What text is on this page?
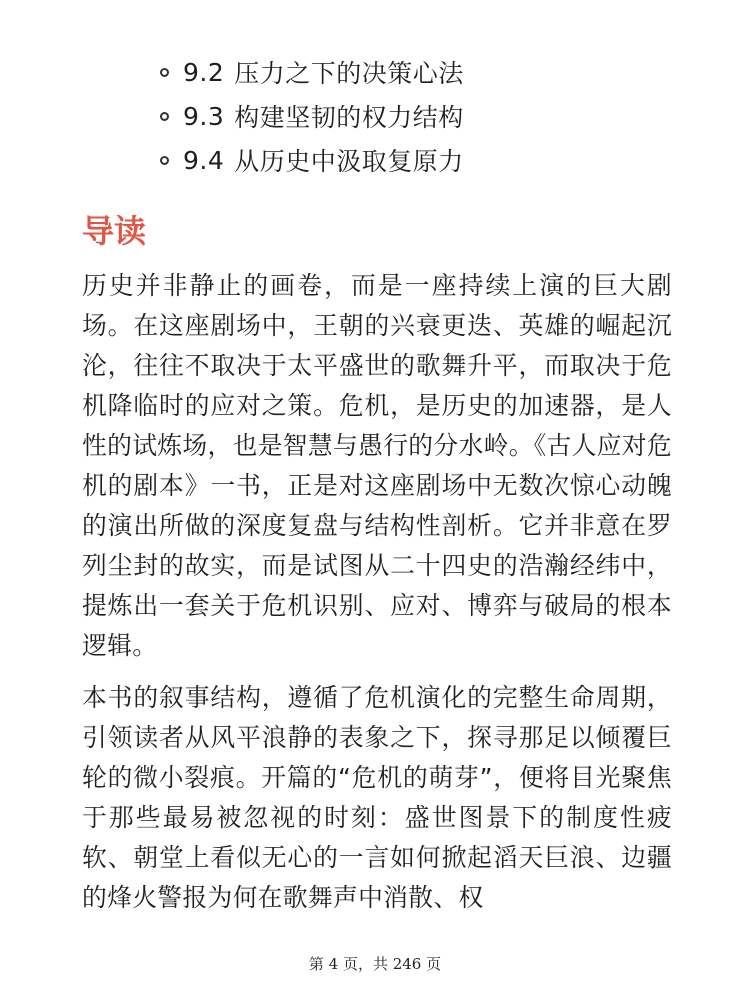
9.2 压力之下的决策心法
9.3 构建坚韧的权力结构
9.4 从历史中汲取复原力
导读

历史并非静止的画卷，而是一座持续上演的巨大剧场。在这座剧场中，王朝的兴衰更迭、英雄的崛起沉沦，往往不取决于太平盛世的歌舞升平，而取决于危机降临时的应对之策。危机，是历史的加速器，是人性的试炼场，也是智慧与愚行的分水岭。《古人应对危机的剧本》一书，正是对这座剧场中无数次惊心动魄的演出所做的深度复盘与结构性剖析。它并非意在罗列尘封的故实，而是试图从二十四史的浩瀚经纬中，提炼出一套关于危机识别、应对、博弈与破局的根本逻辑。

本书的叙事结构，遵循了危机演化的完整生命周期，引领读者从风平浪静的表象之下，探寻那足以倾覆巨轮的微小裂痕。开篇的“危机的萌芽”，便将目光聚焦于那些最易被忽视的时刻：盛世图景下的制度性疲软、朝堂上看似无心的一言如何掀起滔天巨浪、边疆的烽火警报为何在歌舞声中消散、权

第 4 页，共 246 页
